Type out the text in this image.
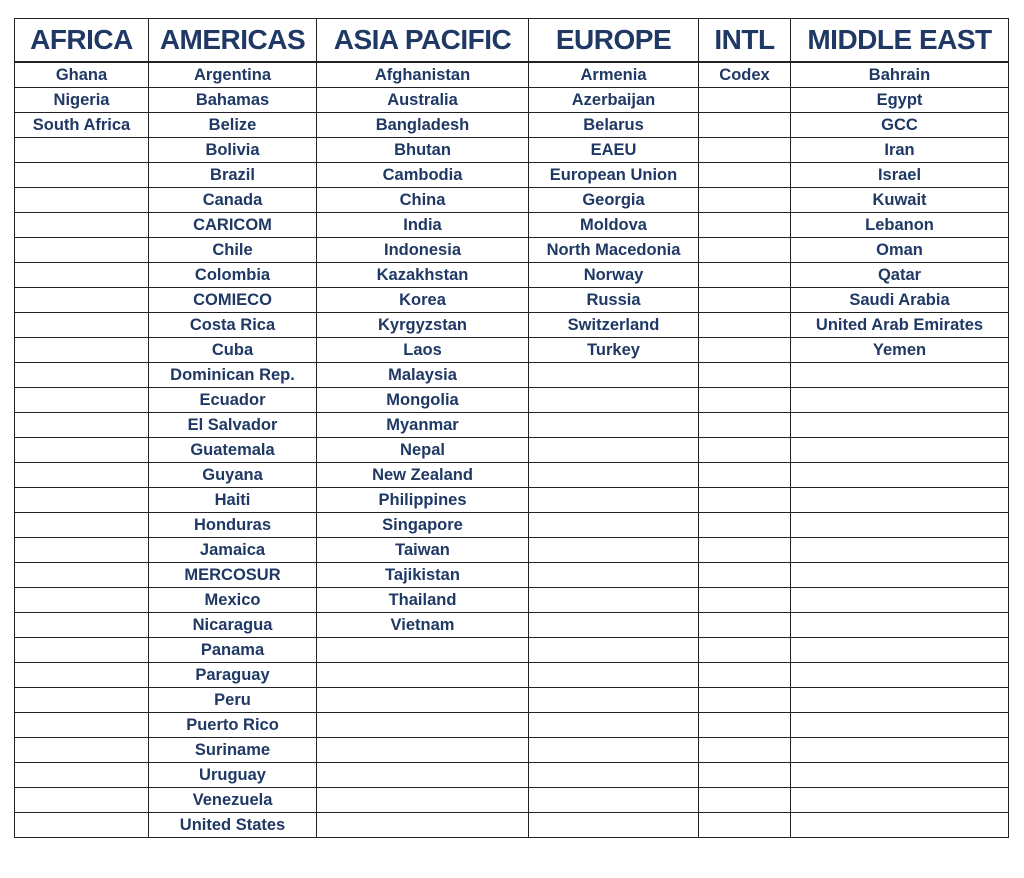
AFRICA	AMERICAS	ASIA PACIFIC	EUROPE	INTL	MIDDLE EAST
Ghana	Argentina	Afghanistan	Armenia	Codex	Bahrain
Nigeria	Bahamas	Australia	Azerbaijan		Egypt
South Africa	Belize	Bangladesh	Belarus		GCC
	Bolivia	Bhutan	EAEU		Iran
	Brazil	Cambodia	European Union		Israel
	Canada	China	Georgia		Kuwait
	CARICOM	India	Moldova		Lebanon
	Chile	Indonesia	North Macedonia		Oman
	Colombia	Kazakhstan	Norway		Qatar
	COMIECO	Korea	Russia		Saudi Arabia
	Costa Rica	Kyrgyzstan	Switzerland		United Arab Emirates
	Cuba	Laos	Turkey		Yemen
	Dominican Rep.	Malaysia			
	Ecuador	Mongolia			
	El Salvador	Myanmar			
	Guatemala	Nepal			
	Guyana	New Zealand			
	Haiti	Philippines			
	Honduras	Singapore			
	Jamaica	Taiwan			
	MERCOSUR	Tajikistan			
	Mexico	Thailand			
	Nicaragua	Vietnam			
	Panama				
	Paraguay				
	Peru				
	Puerto Rico				
	Suriname				
	Uruguay				
	Venezuela				
	United States				
